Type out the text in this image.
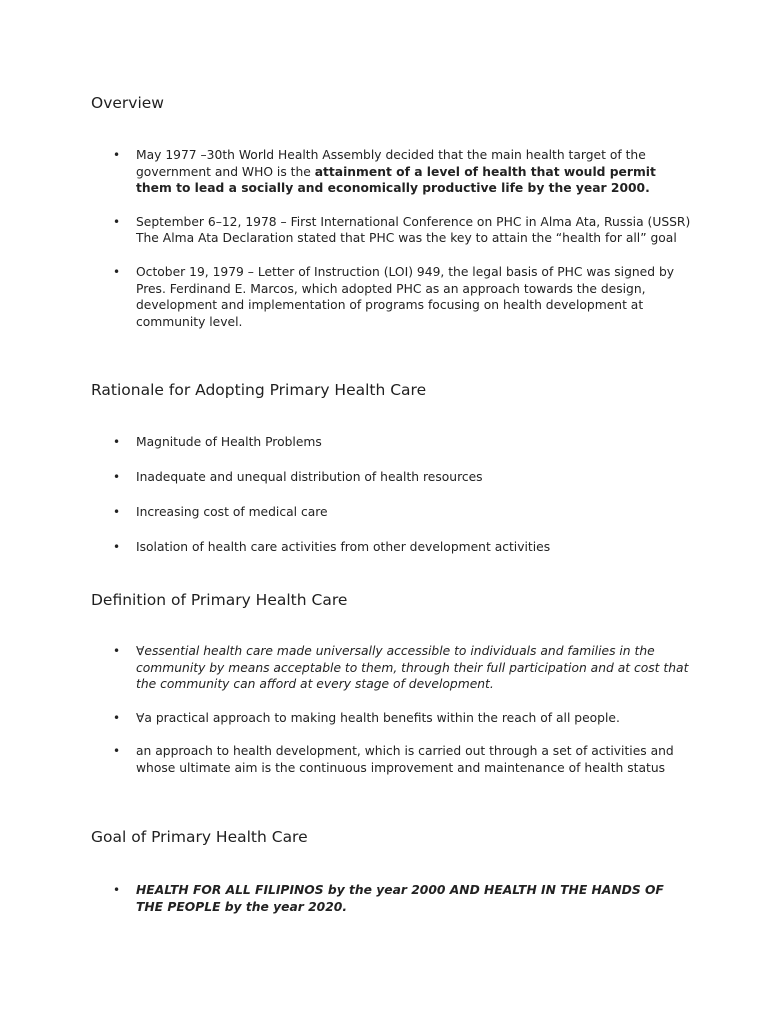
Overview
• May 1977 –30th World Health Assembly decided that the main health target of the government and WHO is the attainment of a level of health that would permit them to lead a socially and economically productive life by the year 2000.
• September 6–12, 1978 – First International Conference on PHC in Alma Ata, Russia (USSR) The Alma Ata Declaration stated that PHC was the key to attain the “health for all” goal
• October 19, 1979 – Letter of Instruction (LOI) 949, the legal basis of PHC was signed by Pres. Ferdinand E. Marcos, which adopted PHC as an approach towards the design, development and implementation of programs focusing on health development at community level.
Rationale for Adopting Primary Health Care
• Magnitude of Health Problems
• Inadequate and unequal distribution of health resources
• Increasing cost of medical care
• Isolation of health care activities from other development activities
Definition of Primary Health Care
• ∀essential health care made universally accessible to individuals and families in the community by means acceptable to them, through their full participation and at cost that the community can afford at every stage of development.
• ∀a practical approach to making health benefits within the reach of all people.
• an approach to health development, which is carried out through a set of activities and whose ultimate aim is the continuous improvement and maintenance of health status
Goal of Primary Health Care
• HEALTH FOR ALL FILIPINOS by the year 2000 AND HEALTH IN THE HANDS OF THE PEOPLE by the year 2020.
